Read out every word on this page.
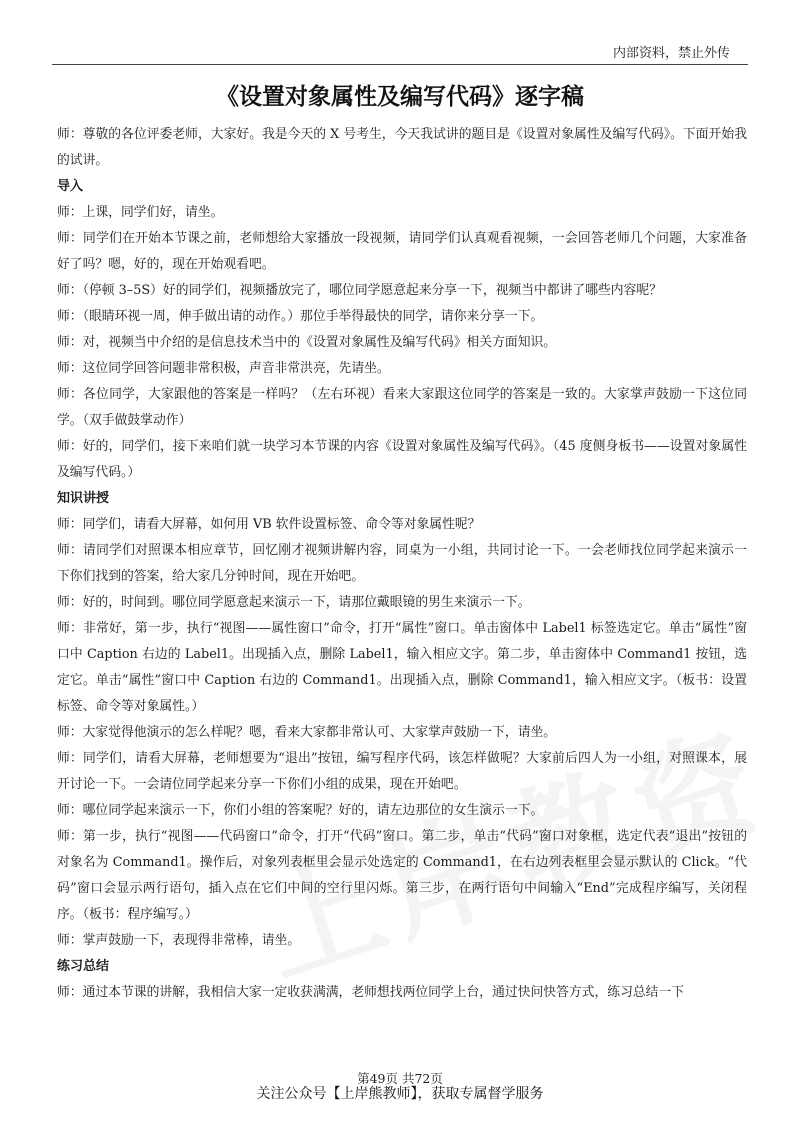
内部资料，禁止外传
《设置对象属性及编写代码》逐字稿

师：尊敬的各位评委老师，大家好。我是今天的 X 号考生，今天我试讲的题目是《设置对象属性及编写代码》。下面开始我的试讲。

导入

师：上课，同学们好，请坐。

师：同学们在开始本节课之前，老师想给大家播放一段视频，请同学们认真观看视频，一会回答老师几个问题，大家准备好了吗？嗯，好的，现在开始观看吧。

师：（停顿 3–5S）好的同学们，视频播放完了，哪位同学愿意起来分享一下，视频当中都讲了哪些内容呢？

师：（眼睛环视一周，伸手做出请的动作。）那位手举得最快的同学，请你来分享一下。

师：对，视频当中介绍的是信息技术当中的《设置对象属性及编写代码》相关方面知识。

师：这位同学回答问题非常积极，声音非常洪亮，先请坐。

师：各位同学，大家跟他的答案是一样吗？（左右环视）看来大家跟这位同学的答案是一致的。大家掌声鼓励一下这位同学。（双手做鼓掌动作）

师：好的，同学们，接下来咱们就一块学习本节课的内容《设置对象属性及编写代码》。（45 度侧身板书——设置对象属性及编写代码。）

知识讲授

师：同学们，请看大屏幕，如何用 VB 软件设置标签、命令等对象属性呢？

师：请同学们对照课本相应章节，回忆刚才视频讲解内容，同桌为一小组，共同讨论一下。一会老师找位同学起来演示一下你们找到的答案，给大家几分钟时间，现在开始吧。

师：好的，时间到。哪位同学愿意起来演示一下，请那位戴眼镜的男生来演示一下。

师：非常好，第一步，执行“视图——属性窗口”命令，打开“属性”窗口。单击窗体中 Label1 标签选定它。单击“属性”窗口中 Caption 右边的 Label1。出现插入点，删除 Label1，输入相应文字。第二步，单击窗体中 Command1 按钮，选定它。单击“属性”窗口中 Caption 右边的 Command1。出现插入点，删除 Command1，输入相应文字。（板书：设置标签、命令等对象属性。）

师：大家觉得他演示的怎么样呢？嗯，看来大家都非常认可、大家掌声鼓励一下，请坐。

师：同学们，请看大屏幕，老师想要为“退出”按钮，编写程序代码，该怎样做呢？大家前后四人为一小组，对照课本，展开讨论一下。一会请位同学起来分享一下你们小组的成果，现在开始吧。

师：哪位同学起来演示一下，你们小组的答案呢？好的，请左边那位的女生演示一下。

师：第一步，执行“视图——代码窗口”命令，打开“代码”窗口。第二步，单击“代码”窗口对象框，选定代表“退出”按钮的对象名为 Command1。操作后，对象列表框里会显示处选定的 Command1，在右边列表框里会显示默认的 Click。“代码”窗口会显示两行语句，插入点在它们中间的空行里闪烁。第三步，在两行语句中间输入“End”完成程序编写，关闭程序。（板书：程序编写。）

师：掌声鼓励一下，表现得非常棒，请坐。

练习总结

师：通过本节课的讲解，我相信大家一定收获满满，老师想找两位同学上台，通过快问快答方式，练习总结一下

第49页 共72页
关注公众号【上岸熊教师】，获取专属督学服务
